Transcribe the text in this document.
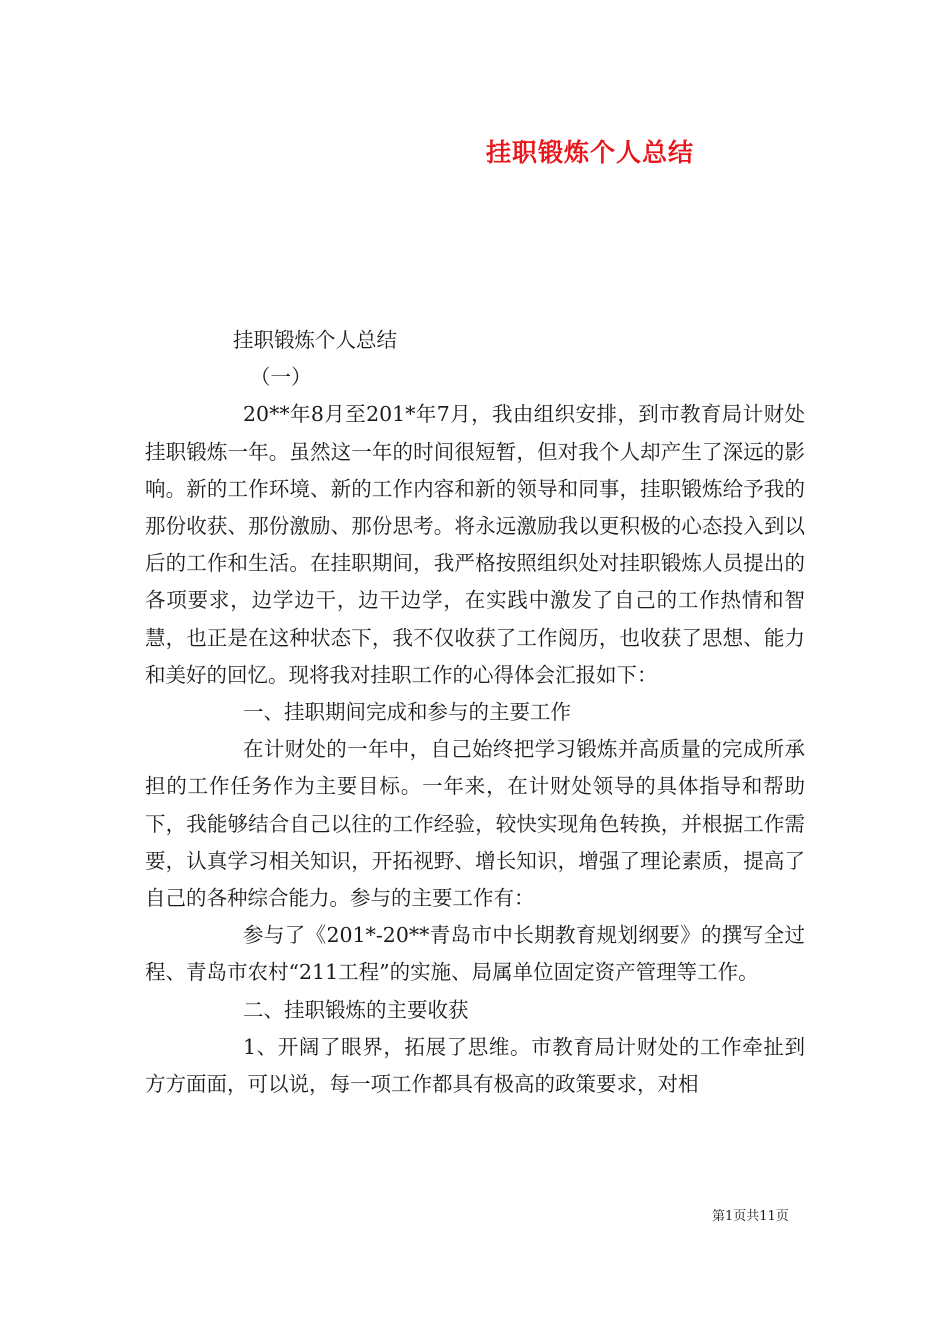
挂职锻炼个人总结

挂职锻炼个人总结

（一）

20**年8月至201*年7月，我由组织安排，到市教育局计财处挂职锻炼一年。虽然这一年的时间很短暂，但对我个人却产生了深远的影响。新的工作环境、新的工作内容和新的领导和同事，挂职锻炼给予我的那份收获、那份激励、那份思考。将永远激励我以更积极的心态投入到以后的工作和生活。在挂职期间，我严格按照组织处对挂职锻炼人员提出的各项要求，边学边干，边干边学，在实践中激发了自己的工作热情和智慧，也正是在这种状态下，我不仅收获了工作阅历，也收获了思想、能力和美好的回忆。现将我对挂职工作的心得体会汇报如下：

一、挂职期间完成和参与的主要工作

在计财处的一年中，自己始终把学习锻炼并高质量的完成所承担的工作任务作为主要目标。一年来，在计财处领导的具体指导和帮助下，我能够结合自己以往的工作经验，较快实现角色转换，并根据工作需要，认真学习相关知识，开拓视野、增长知识，增强了理论素质，提高了自己的各种综合能力。参与的主要工作有：

参与了《201*-20**青岛市中长期教育规划纲要》的撰写全过程、青岛市农村“211工程”的实施、局属单位固定资产管理等工作。

二、挂职锻炼的主要收获

1、开阔了眼界，拓展了思维。市教育局计财处的工作牵扯到方方面面，可以说，每一项工作都具有极高的政策要求，对相

第1页共11页
